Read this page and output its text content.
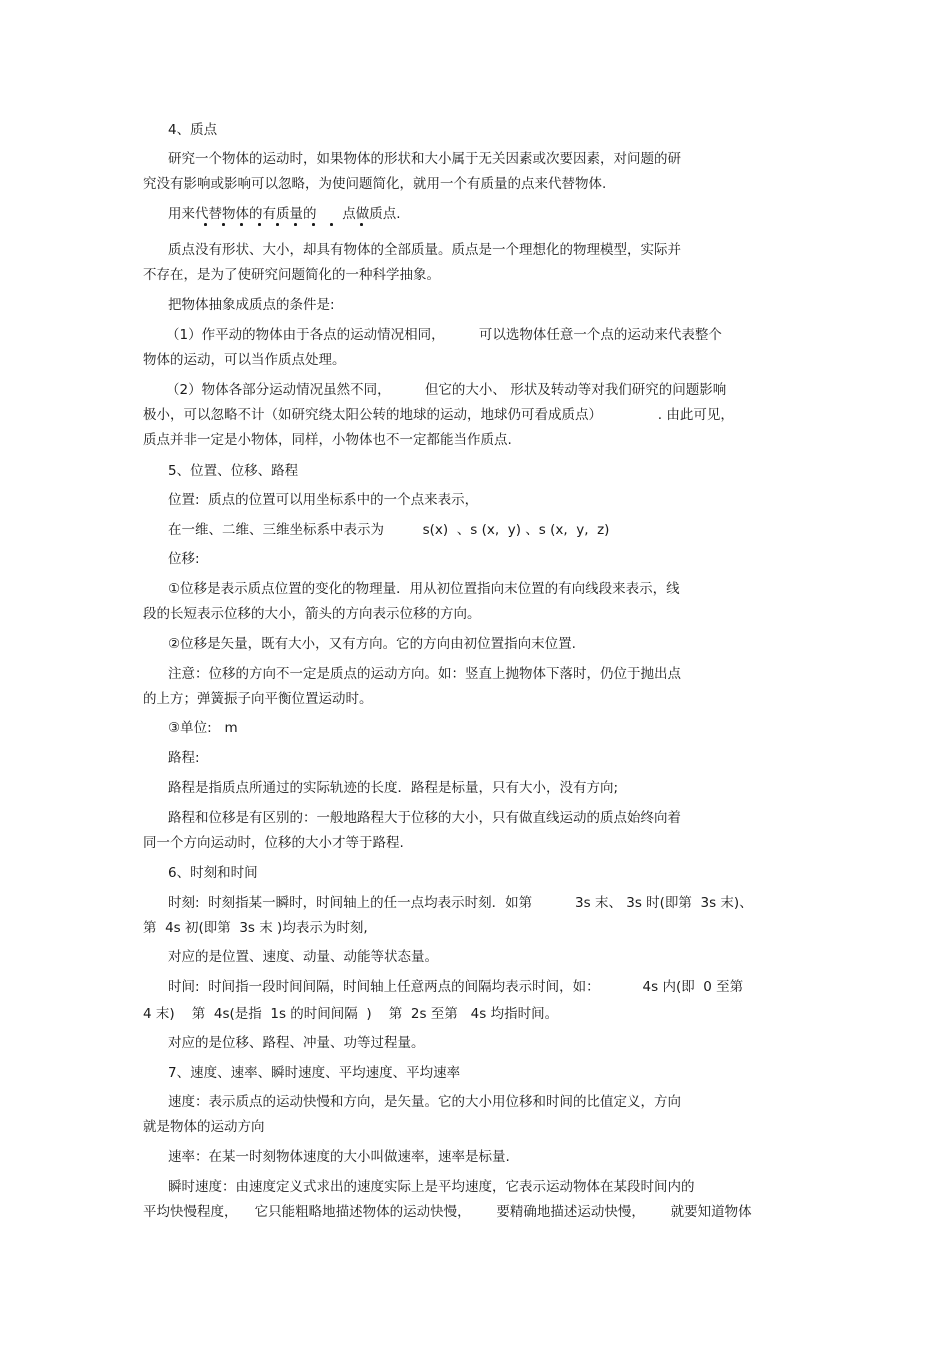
4、质点
研究一个物体的运动时，如果物体的形状和大小属于无关因素或次要因素，对问题的研
究没有影响或影响可以忽略，为使问题简化，就用一个有质量的点来代替物体.
用来代替物体的有质量的      点做质点.
质点没有形状、大小，却具有物体的全部质量。质点是一个理想化的物理模型，实际并
不存在，是为了使研究问题简化的一种科学抽象。
把物体抽象成质点的条件是:
（1）作平动的物体由于各点的运动情况相同，        可以选物体任意一个点的运动来代表整个
物体的运动，可以当作质点处理。
（2）物体各部分运动情况虽然不同，        但它的大小、 形状及转动等对我们研究的问题影响
极小，可以忽略不计（如研究绕太阳公转的地球的运动，地球仍可看成质点）             . 由此可见，
质点并非一定是小物体，同样，小物体也不一定都能当作质点.
5、位置、位移、路程
位置:  质点的位置可以用坐标系中的一个点来表示，
在一维、二维、三维坐标系中表示为         s(x)  、s (x,  y) 、s (x,  y,  z)
位移:
①位移是表示质点位置的变化的物理量．用从初位置指向末位置的有向线段来表示，线
段的长短表示位移的大小，箭头的方向表示位移的方向。
②位移是矢量，既有大小，又有方向。它的方向由初位置指向末位置.
注意：位移的方向不一定是质点的运动方向。如：竖直上抛物体下落时，仍位于抛出点
的上方；弹簧振子向平衡位置运动时。
③单位:   m
路程:
路程是指质点所通过的实际轨迹的长度．路程是标量，只有大小，没有方向;
路程和位移是有区别的：一般地路程大于位移的大小，只有做直线运动的质点始终向着
同一个方向运动时，位移的大小才等于路程.
6、时刻和时间
时刻:  时刻指某一瞬时，时间轴上的任一点均表示时刻．如第          3s 末、 3s 时(即第  3s 末)、
第  4s 初(即第  3s 末 )均表示为时刻,
对应的是位置、速度、动量、动能等状态量。
时间:  时间指一段时间间隔，时间轴上任意两点的间隔均表示时间，如：          4s 内(即  0 至第
4 末)    第  4s(是指  1s 的时间间隔  )    第  2s 至第   4s 均指时间。
对应的是位移、路程、冲量、功等过程量。
7、速度、速率、瞬时速度、平均速度、平均速率
速度：表示质点的运动快慢和方向，是矢量。它的大小用位移和时间的比值定义，方向
就是物体的运动方向
速率：在某一时刻物体速度的大小叫做速率，速率是标量.
瞬时速度：由速度定义式求出的速度实际上是平均速度，它表示运动物体在某段时间内的
平均快慢程度，    它只能粗略地描述物体的运动快慢，      要精确地描述运动快慢，      就要知道物体
